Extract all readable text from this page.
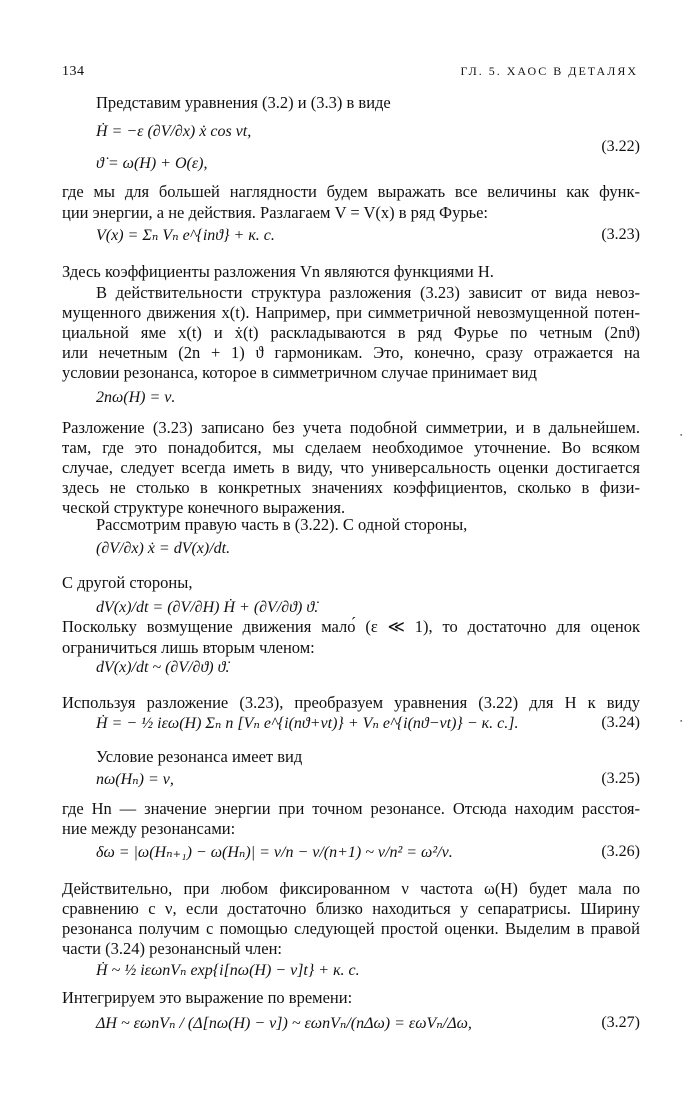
134	ГЛ. 5. ХАОС В ДЕТАЛЯХ
Представим уравнения (3.2) и (3.3) в виде
Ḣ = −ε (∂V/∂x) ẋ cos νt,
ϑ̇ = ω(H) + O(ε),
(3.22)
где мы для большей наглядности будем выражать все величины как функ-
ции энергии, а не действия. Разлагаем V = V(x) в ряд Фурье:
V(x) = Σₙ Vₙ e^{inϑ} + к. с.	(3.23)
Здесь коэффициенты разложения Vn являются функциями H.
В действительности структура разложения (3.23) зависит от вида невоз-
мущенного движения x(t). Например, при симметричной невозмущенной потен-
циальной яме x(t) и ẋ(t) раскладываются в ряд Фурье по четным (2nϑ)
или нечетным (2n + 1) ϑ гармоникам. Это, конечно, сразу отражается на
условии резонанса, которое в симметричном случае принимает вид
2nω(H) = ν.
Разложение (3.23) записано без учета подобной симметрии, и в дальнейшем.
там, где это понадобится, мы сделаем необходимое уточнение. Во всяком
случае, следует всегда иметь в виду, что универсальность оценки достигается
здесь не столько в конкретных значениях коэффициентов, сколько в физи-
ческой структуре конечного выражения.
Рассмотрим правую часть в (3.22). С одной стороны,
(∂V/∂x) ẋ = dV(x)/dt.
С другой стороны,
dV(x)/dt = (∂V/∂H) Ḣ + (∂V/∂ϑ) ϑ̇.
Поскольку возмущение движения мало́ (ε ≪ 1), то достаточно для оценок
ограничиться лишь вторым членом:
dV(x)/dt ~ (∂V/∂ϑ) ϑ̇.
Используя разложение (3.23), преобразуем уравнения (3.22) для H к виду
Ḣ = − ½ iεω(H) Σₙ n [Vₙ e^{i(nϑ+νt)} + Vₙ e^{i(nϑ−νt)} − к. с.].	(3.24)
Условие резонанса имеет вид
nω(Hₙ) = ν,	(3.25)
где Hn — значение энергии при точном резонансе. Отсюда находим расстоя-
ние между резонансами:
δω = |ω(Hₙ₊₁) − ω(Hₙ)| = ν/n − ν/(n+1) ~ ν/n² = ω²/ν.	(3.26)
Действительно, при любом фиксированном ν частота ω(H) будет мала по
сравнению с ν, если достаточно близко находиться у сепаратрисы. Ширину
резонанса получим с помощью следующей простой оценки. Выделим в правой
части (3.24) резонансный член:
Ḣ ~ ½ iεωnVₙ exp{i[nω(H) − ν]t} + к. с.
Интегрируем это выражение по времени:
ΔH ~ εωnVₙ / (Δ[nω(H) − ν]) ~ εωnVₙ/(nΔω) = εωVₙ/Δω,	(3.27)
●
●
